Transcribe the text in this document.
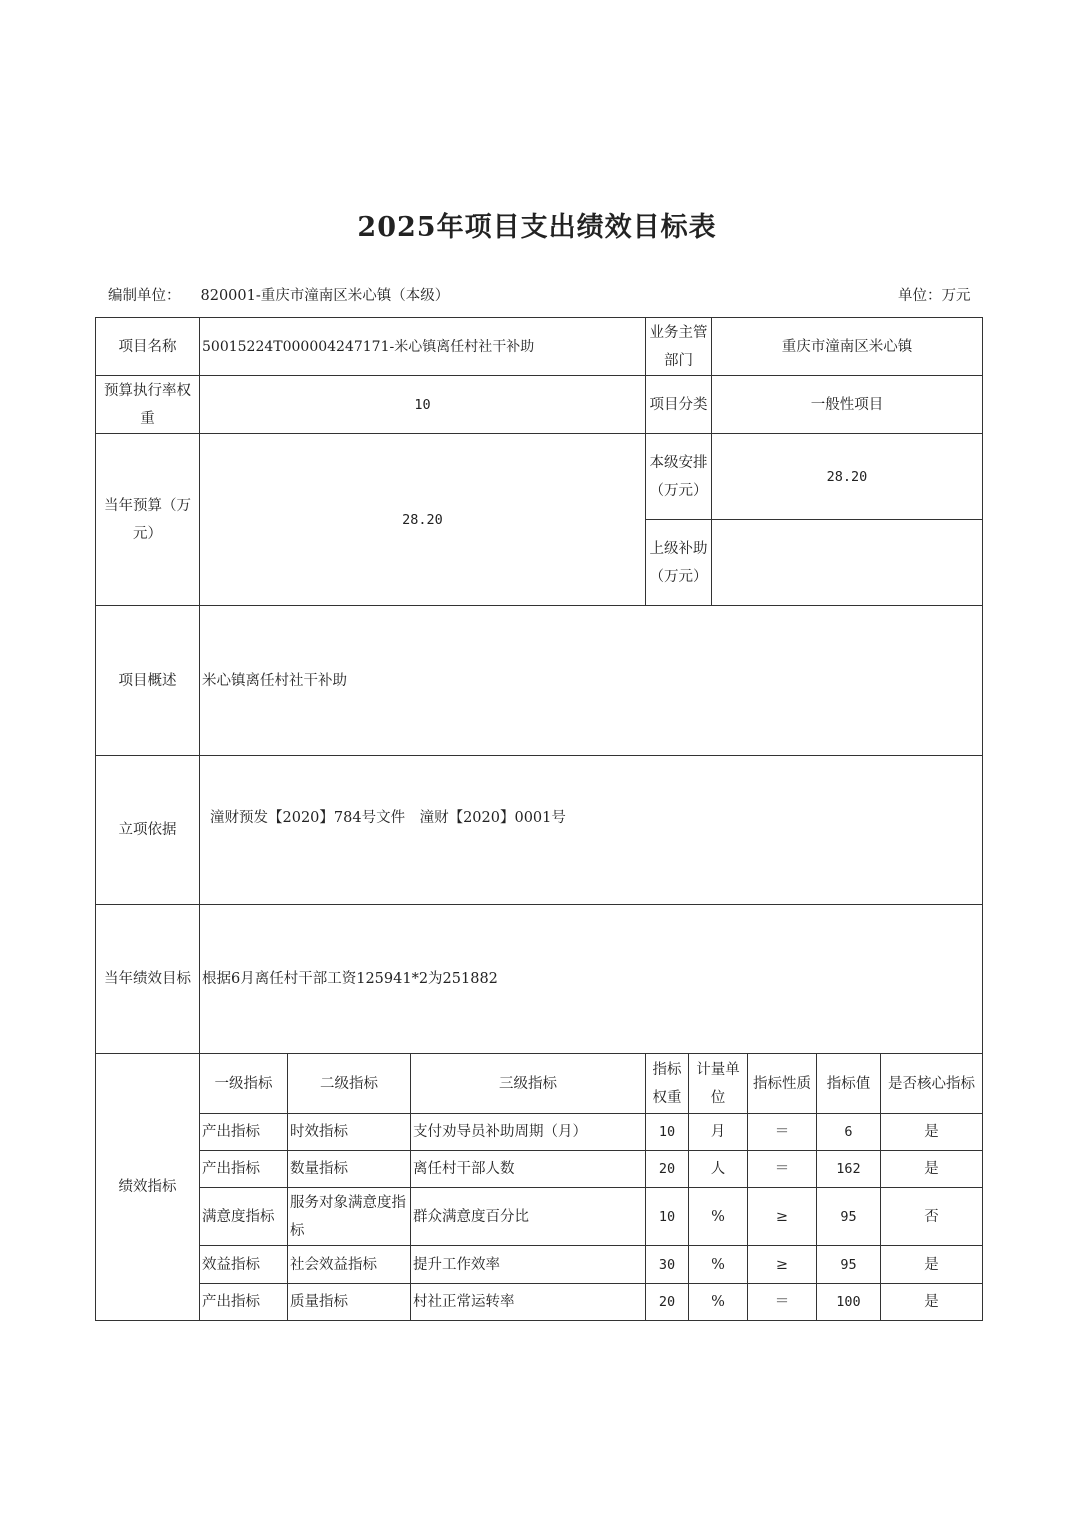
2025年项目支出绩效目标表
编制单位： 820001-重庆市潼南区米心镇（本级）	单位：万元
项目名称	50015224T000004247171-米心镇离任村社干补助			业务主管部门		重庆市潼南区米心镇			
预算执行率权重	10			项目分类		一般性项目			
当年预算（万元）	28.20			本级安排（万元）		28.20			
				上级补助（万元）					
项目概述	米心镇离任村社干补助								
立项依据	潼财预发【2020】784号文件　潼财【2020】0001号								
当年绩效目标	根据6月离任村干部工资125941*2为251882								
绩效指标	一级指标	二级指标	三级指标	指标权重	计量单位		指标性质	指标值	是否核心指标
	产出指标	时效指标	支付劝导员补助周期（月）	10	月		＝	6	是
	产出指标	数量指标	离任村干部人数	20	人		＝	162	是
	满意度指标	服务对象满意度指标	群众满意度百分比	10	%		≥	95	否
	效益指标	社会效益指标	提升工作效率	30	%		≥	95	是
	产出指标	质量指标	村社正常运转率	20	%		＝	100	是
